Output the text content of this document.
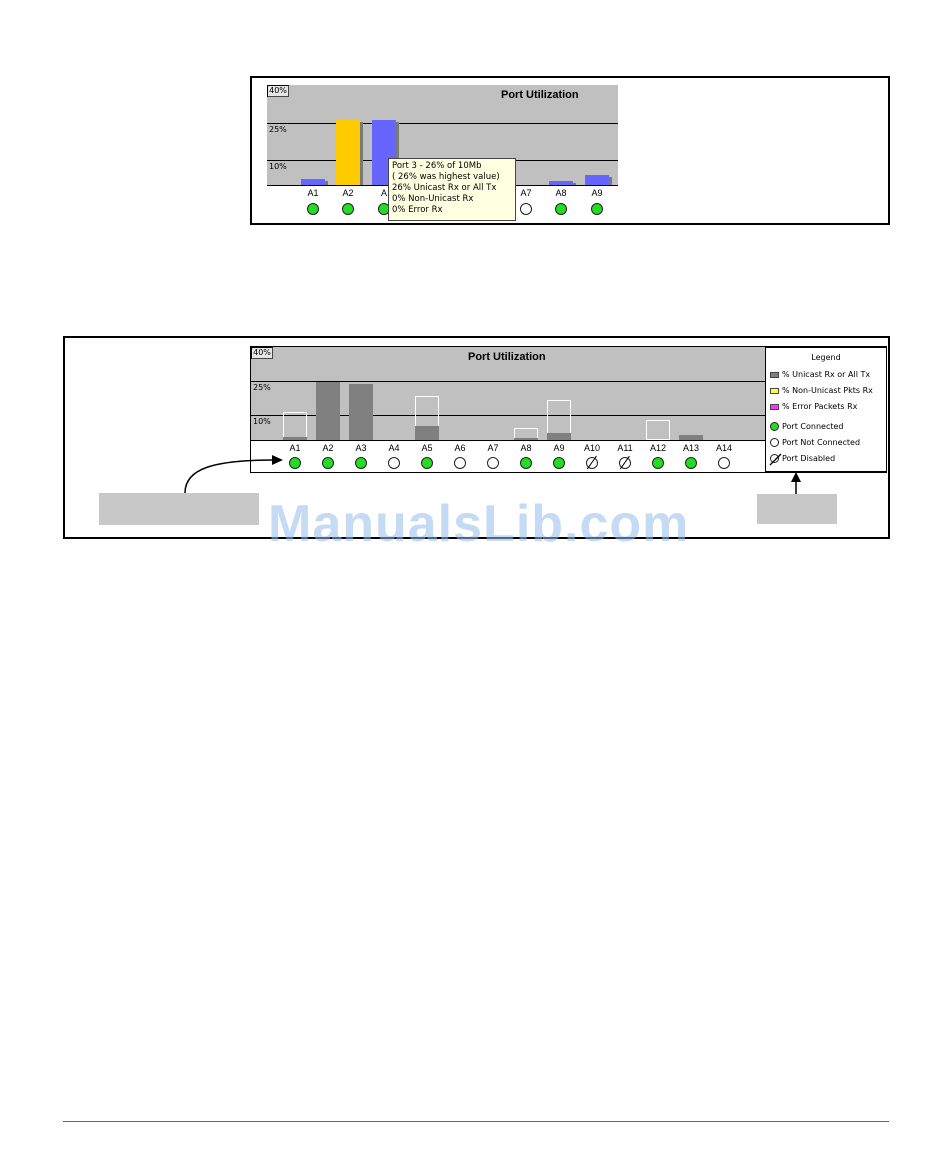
40%
25%
10%
Port Utilization
A1	A2	A	A7	A8	A9
Port 3 - 26% of 10Mb
( 26% was highest value)
26% Unicast Rx or All Tx
0% Non-Unicast Rx
0% Error Rx
40%
25%
10%
Port Utilization
A1	A2	A3	A4	A5	A6	A7	A8	A9	A10	A11	A12	A13	A14
Legend
% Unicast Rx or All Tx
% Non-Unicast Pkts Rx
% Error Packets Rx
Port Connected
Port Not Connected
Port Disabled
ManualsLib.com
